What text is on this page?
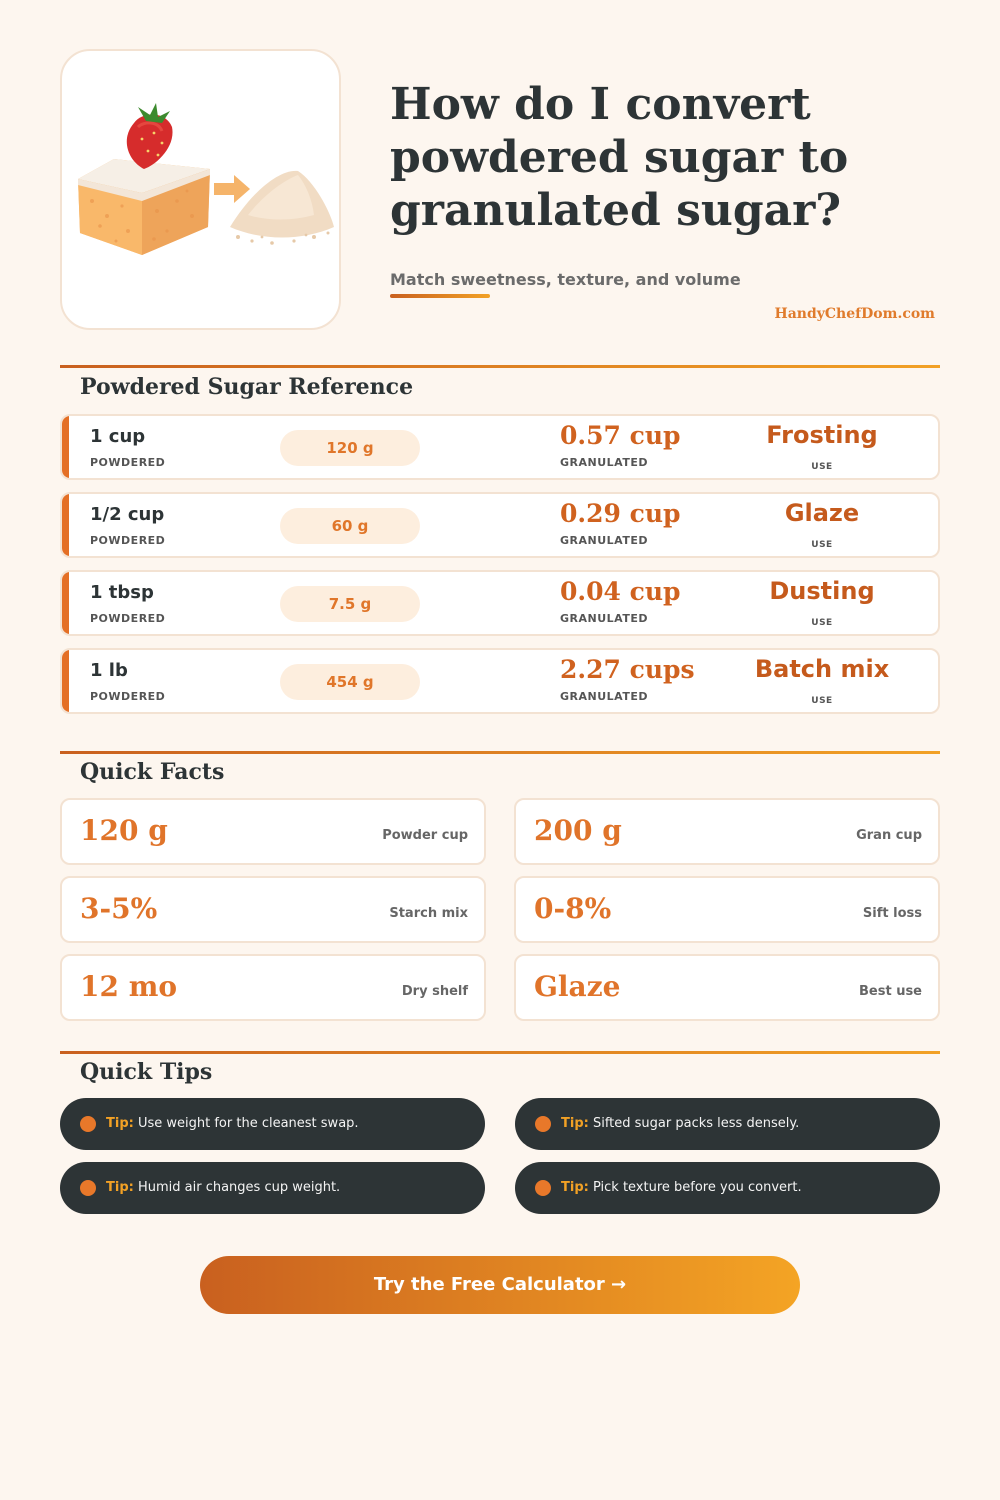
How do I convert powdered sugar to granulated sugar?
Match sweetness, texture, and volume
HandyChefDom.com
Powdered Sugar Reference
1 cup
POWDERED
120 g	0.57 cup
GRANULATED
Frosting
USE
1/2 cup
POWDERED
60 g	0.29 cup
GRANULATED
Glaze
USE
1 tbsp
POWDERED
7.5 g	0.04 cup
GRANULATED
Dusting
USE
1 lb
POWDERED
454 g	2.27 cups
GRANULATED
Batch mix
USE
Quick Facts
120 g	Powder cup 200 g	Gran cup
3-5%	Starch mix 0-8%	Sift loss
12 mo	Dry shelf Glaze	Best use
Quick Tips
Tip: Use weight for the cleanest swap.	Tip: Sifted sugar packs less densely.
Tip: Humid air changes cup weight.	Tip: Pick texture before you convert.
Try the Free Calculator →
